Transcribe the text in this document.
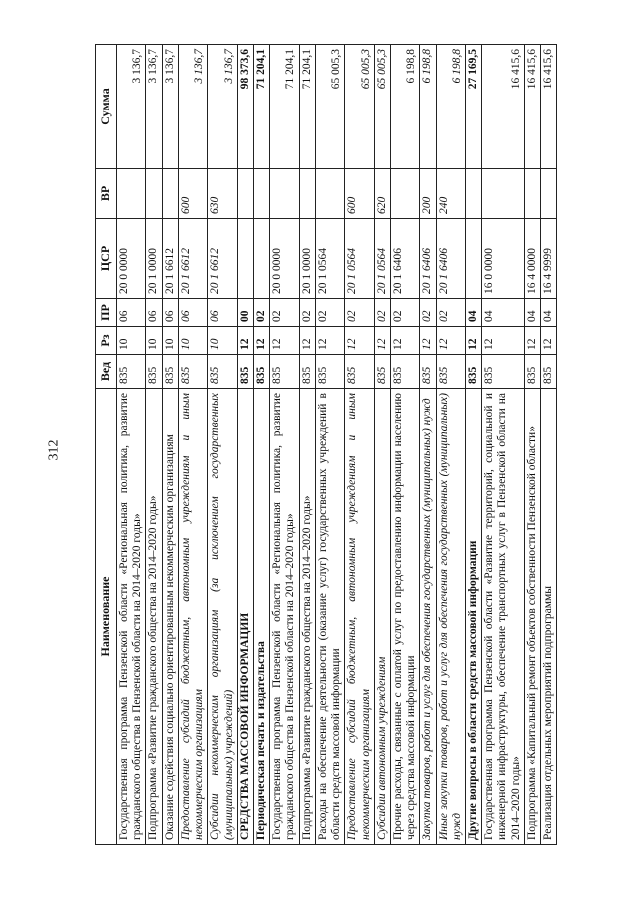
312
Наименование	Вед	Рз	ПР	ЦСР	ВР	Сумма
Государственная программа Пензенской области «Региональная политика, развитие гражданского общества в Пензенской области на 2014–2020 годы»	835	10	06	20 0 0000		3 136,7
Подпрограмма «Развитие гражданского общества на 2014–2020 годы»	835	10	06	20 1 0000		3 136,7
Оказание содействия социально ориентированным некоммерческим организациям	835	10	06	20 1 6612		3 136,7
Предоставление субсидий бюджетным, автономным учреждениям и иным некоммерческим организациям	835	10	06	20 1 6612	600	3 136,7
Субсидии некоммерческим организациям (за исключением государственных (муниципальных) учреждений)	835	10	06	20 1 6612	630	3 136,7
СРЕДСТВА МАССОВОЙ ИНФОРМАЦИИ	835	12	00			98 373,6
Периодическая печать и издательства	835	12	02			71 204,1
Государственная программа Пензенской области «Региональная политика, развитие гражданского общества в Пензенской области на 2014–2020 годы»	835	12	02	20 0 0000		71 204,1
Подпрограмма «Развитие гражданского общества на 2014–2020 годы»	835	12	02	20 1 0000		71 204,1
Расходы на обеспечение деятельности (оказание услуг) государственных учреждений в области средств массовой информации	835	12	02	20 1 0564		65 005,3
Предоставление субсидий бюджетным, автономным учреждениям и иным некоммерческим организациям	835	12	02	20 1 0564	600	65 005,3
Субсидии автономным учреждениям	835	12	02	20 1 0564	620	65 005,3
Прочие расходы, связанные с оплатой услуг по предоставлению информации населению через средства массовой информации	835	12	02	20 1 6406		6 198,8
Закупка товаров, работ и услуг для обеспечения государственных (муниципальных) нужд	835	12	02	20 1 6406	200	6 198,8
Иные закупки товаров, работ и услуг для обеспечения государственных (муниципальных) нужд	835	12	02	20 1 6406	240	6 198,8
Другие вопросы в области средств массовой информации	835	12	04			27 169,5
Государственная программа Пензенской области «Развитие территорий, социальной и инженерной инфраструктуры, обеспечение транспортных услуг в Пензенской области на 2014–2020 годы»	835	12	04	16 0 0000		16 415,6
Подпрограмма «Капитальный ремонт объектов собственности Пензенской области»	835	12	04	16 4 0000		16 415,6
Реализация отдельных мероприятий подпрограммы	835	12	04	16 4 9999		16 415,6
